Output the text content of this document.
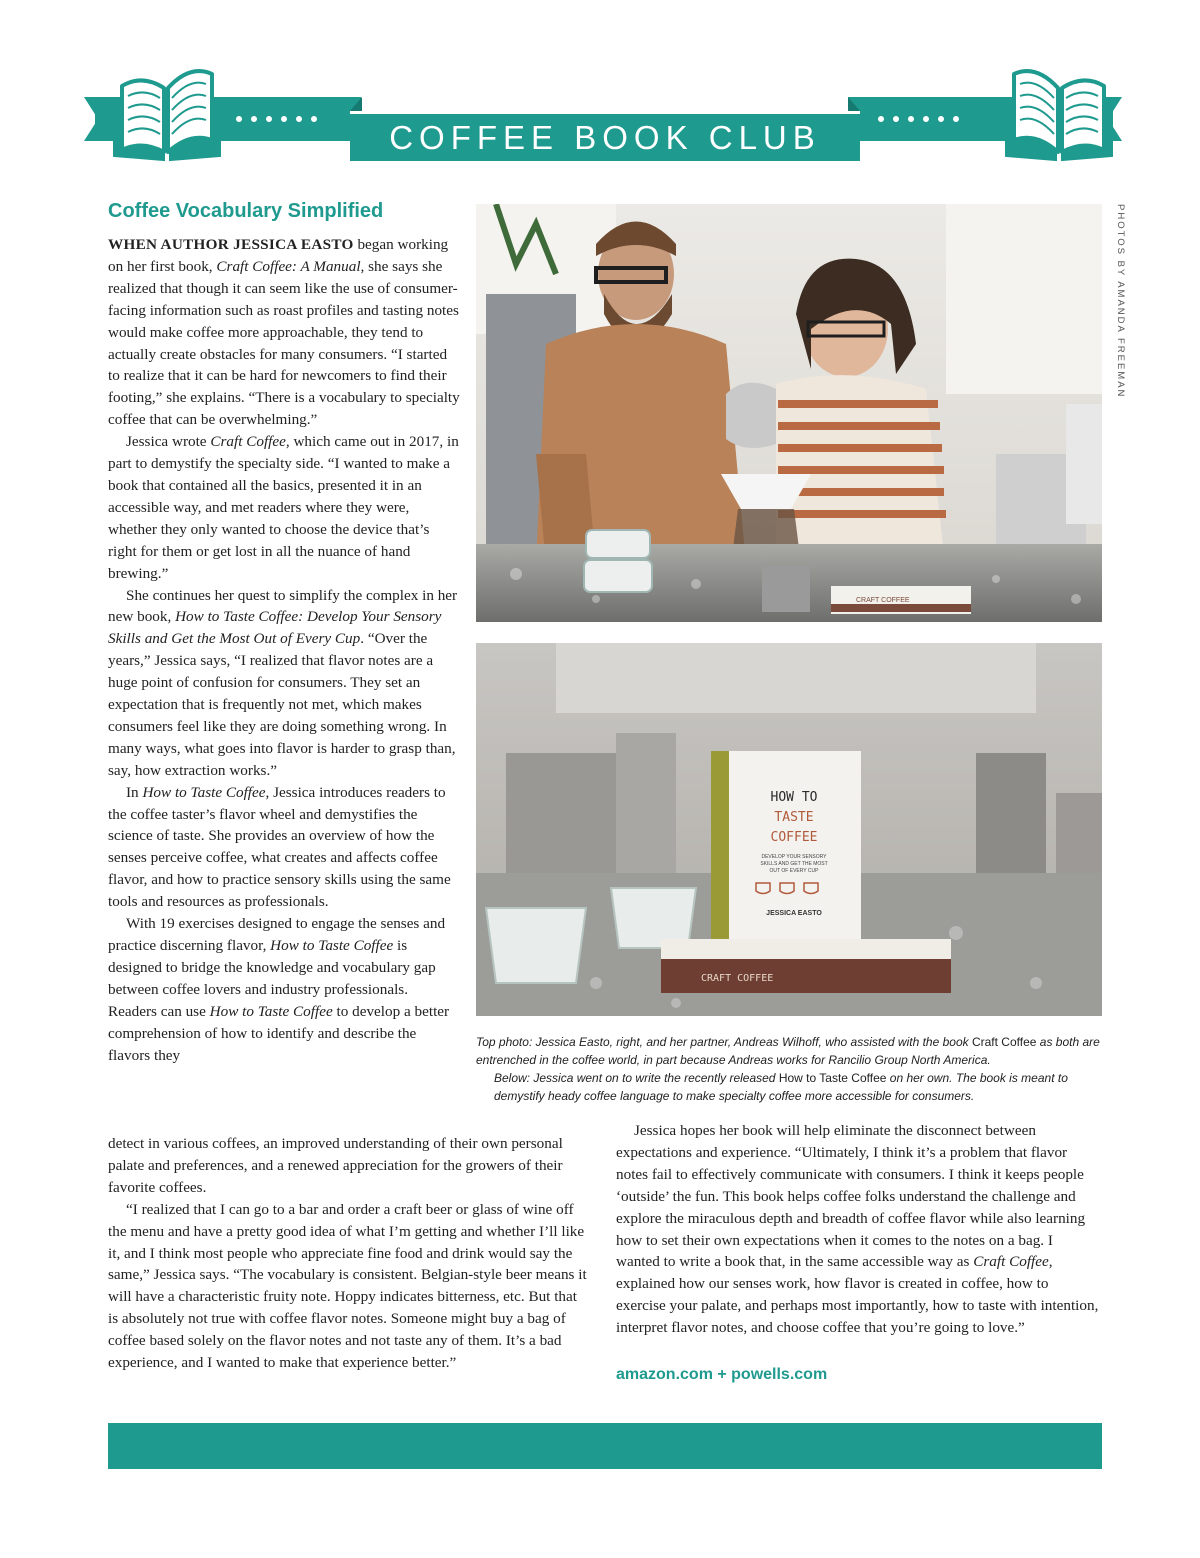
COFFEE BOOK CLUB
Coffee Vocabulary Simplified

WHEN AUTHOR JESSICA EASTO began working on her first book, Craft Coffee: A Manual, she says she realized that though it can seem like the use of consumer-facing information such as roast profiles and tasting notes would make coffee more approachable, they tend to actually create obstacles for many consumers. “I started to realize that it can be hard for newcomers to find their footing,” she explains. “There is a vocabulary to specialty coffee that can be overwhelming.”

Jessica wrote Craft Coffee, which came out in 2017, in part to demystify the specialty side. “I wanted to make a book that contained all the basics, presented it in an accessible way, and met readers where they were, whether they only wanted to choose the device that’s right for them or get lost in all the nuance of hand brewing.”

She continues her quest to simplify the complex in her new book, How to Taste Coffee: Develop Your Sensory Skills and Get the Most Out of Every Cup. “Over the years,” Jessica says, “I realized that flavor notes are a huge point of confusion for consumers. They set an expectation that is frequently not met, which makes consumers feel like they are doing something wrong. In many ways, what goes into flavor is harder to grasp than, say, how extraction works.”

In How to Taste Coffee, Jessica introduces readers to the coffee taster’s flavor wheel and demystifies the science of taste. She provides an overview of how the senses perceive coffee, what creates and affects coffee flavor, and how to practice sensory skills using the same tools and resources as professionals.

With 19 exercises designed to engage the senses and practice discerning flavor, How to Taste Coffee is designed to bridge the knowledge and vocabulary gap between coffee lovers and industry professionals. Readers can use How to Taste Coffee to develop a better comprehension of how to identify and describe the flavors they

detect in various coffees, an improved understanding of their own personal palate and preferences, and a renewed appreciation for the growers of their favorite coffees.

“I realized that I can go to a bar and order a craft beer or glass of wine off the menu and have a pretty good idea of what I’m getting and whether I’ll like it, and I think most people who appreciate fine food and drink would say the same,” Jessica says. “The vocabulary is consistent. Belgian-style beer means it will have a characteristic fruity note. Hoppy indicates bitterness, etc. But that is absolutely not true with coffee flavor notes. Someone might buy a bag of coffee based solely on the flavor notes and not taste any of them. It’s a bad experience, and I wanted to make that experience better.”

Jessica hopes her book will help eliminate the disconnect between expectations and experience. “Ultimately, I think it’s a problem that flavor notes fail to effectively communicate with consumers. I think it keeps people ‘outside’ the fun. This book helps coffee folks understand the challenge and explore the miraculous depth and breadth of coffee flavor while also learning how to set their own expectations when it comes to the notes on a bag. I wanted to write a book that, in the same accessible way as Craft Coffee, explained how our senses work, how flavor is created in coffee, how to exercise your palate, and perhaps most importantly, how to taste with intention, interpret flavor notes, and choose coffee that you’re going to love.”

amazon.com + powells.com
CRAFT COFFEE
HOW TO
TASTE
COFFEE
DEVELOP YOUR SENSORY
SKILLS AND GET THE MOST
OUT OF EVERY CUP
JESSICA EASTO
CRAFT COFFEE
PHOTOS BY AMANDA FREEMAN
Top photo: Jessica Easto, right, and her partner, Andreas Wilhoff, who assisted with the book Craft Coffee as both are entrenched in the coffee world, in part because Andreas works for Rancilio Group North America.
Below: Jessica went on to write the recently released How to Taste Coffee on her own. The book is meant to demystify heady coffee language to make specialty coffee more accessible for consumers.
